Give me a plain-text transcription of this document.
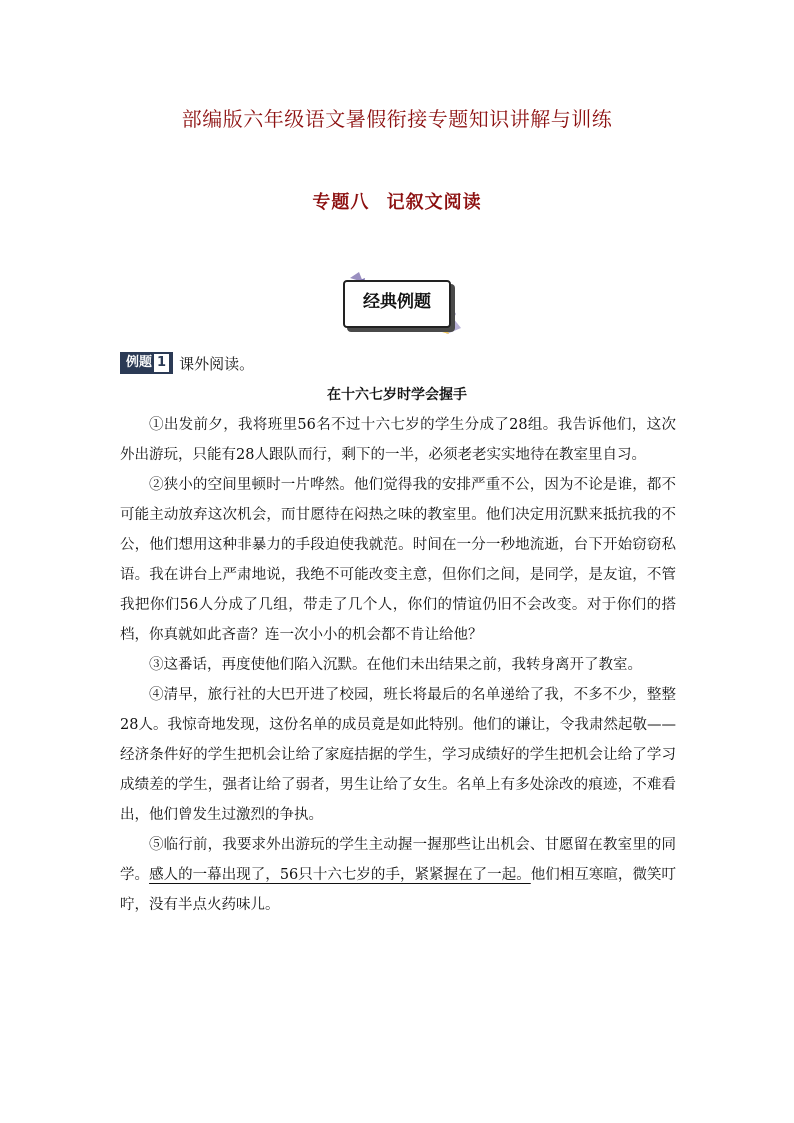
部编版六年级语文暑假衔接专题知识讲解与训练
专题八 记叙文阅读
经典例题
例题 1 课外阅读。
在十六七岁时学会握手

①出发前夕，我将班里56名不过十六七岁的学生分成了28组。我告诉他们，这次外出游玩，只能有28人跟队而行，剩下的一半，必须老老实实地待在教室里自习。

②狭小的空间里顿时一片哗然。他们觉得我的安排严重不公，因为不论是谁，都不可能主动放弃这次机会，而甘愿待在闷热之味的教室里。他们决定用沉默来抵抗我的不公，他们想用这种非暴力的手段迫使我就范。时间在一分一秒地流逝，台下开始窃窃私语。我在讲台上严肃地说，我绝不可能改变主意，但你们之间，是同学，是友谊，不管我把你们56人分成了几组，带走了几个人，你们的情谊仍旧不会改变。对于你们的搭档，你真就如此吝啬？连一次小小的机会都不肯让给他？

③这番话，再度使他们陷入沉默。在他们未出结果之前，我转身离开了教室。

④清早，旅行社的大巴开进了校园，班长将最后的名单递给了我，不多不少，整整28人。我惊奇地发现，这份名单的成员竟是如此特别。他们的谦让，令我肃然起敬——经济条件好的学生把机会让给了家庭拮据的学生，学习成绩好的学生把机会让给了学习成绩差的学生，强者让给了弱者，男生让给了女生。名单上有多处涂改的痕迹，不难看出，他们曾发生过激烈的争执。

⑤临行前，我要求外出游玩的学生主动握一握那些让出机会、甘愿留在教室里的同学。感人的一幕出现了，56只十六七岁的手，紧紧握在了一起。他们相互寒暄，微笑叮咛，没有半点火药味儿。
